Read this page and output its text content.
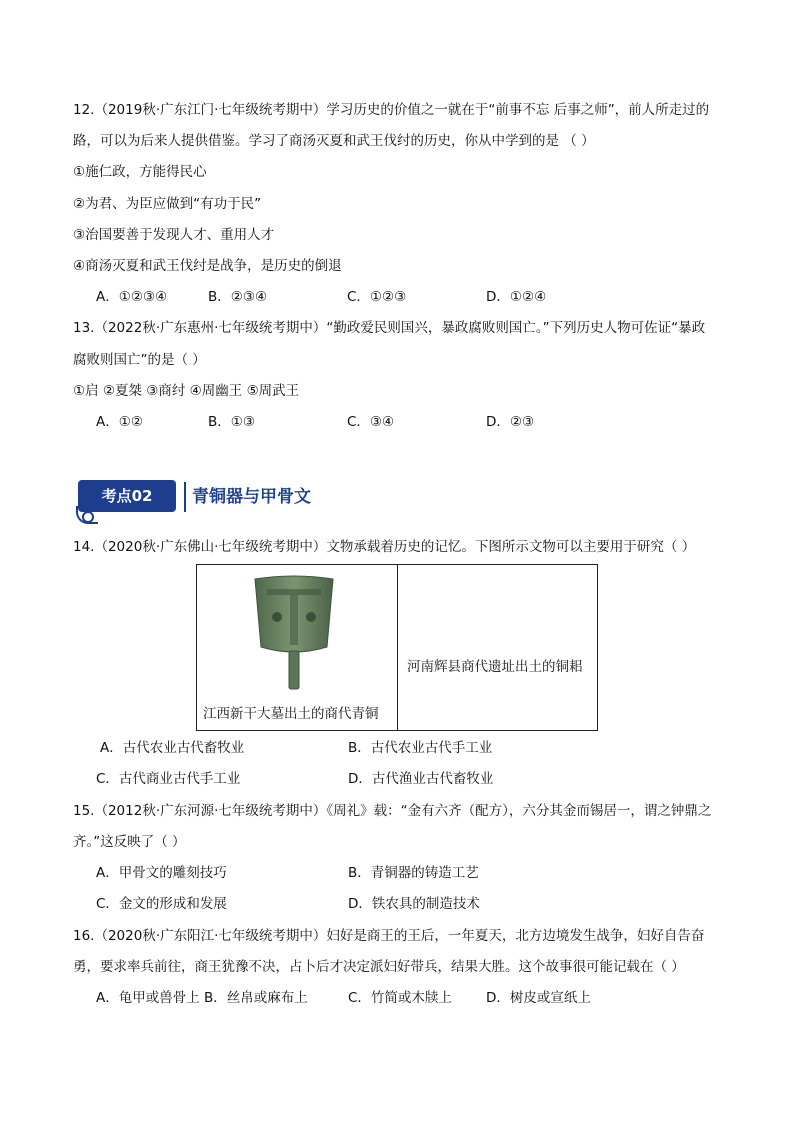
12.（2019秋·广东江门·七年级统考期中）学习历史的价值之一就在于“前事不忘 后事之师”，前人所走过的
路，可以为后来人提供借鉴。学习了商汤灭夏和武王伐纣的历史，你从中学到的是 （ ）
①施仁政，方能得民心
②为君、为臣应做到“有功于民”
③治国要善于发现人才、重用人才
④商汤灭夏和武王伐纣是战争，是历史的倒退
A．①②③④	B．②③④	C．①②③	D．①②④
13.（2022秋·广东惠州·七年级统考期中）“勤政爱民则国兴，暴政腐败则国亡。”下列历史人物可佐证“暴政
腐败则国亡”的是（ ）
①启 ②夏桀 ③商纣 ④周幽王 ⑤周武王
A．①②	B．①③	C．③④	D．②③
考点02	青铜器与甲骨文
14.（2020秋·广东佛山·七年级统考期中）文物承载着历史的记忆。下图所示文物可以主要用于研究（ ）
江西新干大墓出土的商代青铜
河南辉县商代遗址出土的铜耜
A．古代农业古代畜牧业	B．古代农业古代手工业
C．古代商业古代手工业	D．古代渔业古代畜牧业
15.（2012秋·广东河源·七年级统考期中）《周礼》载：“金有六齐（配方），六分其金而锡居一，谓之钟鼎之
齐。”这反映了（ ）
A．甲骨文的雕刻技巧	B．青铜器的铸造工艺
C．金文的形成和发展	D．铁农具的制造技术
16.（2020秋·广东阳江·七年级统考期中）妇好是商王的王后，一年夏天，北方边境发生战争，妇好自告奋
勇，要求率兵前往，商王犹豫不决，占卜后才决定派妇好带兵，结果大胜。这个故事很可能记载在（ ）
A．龟甲或兽骨上 B．丝帛或麻布上	C．竹简或木牍上	D．树皮或宣纸上
